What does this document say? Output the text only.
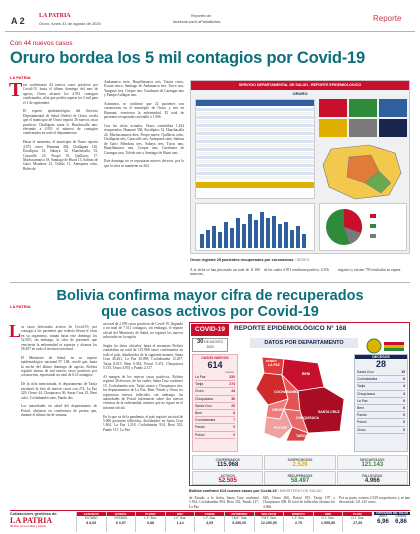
A 2 LA PATRIA
Oruro, lunes 31 de agosto de 2020
Reportes de:
facebook.com/LaPatriaBolivia	Reporte
Con 44 nuevos casos
Oruro bordea los 5 mil contagios por Covid-19
LA PATRIA
T ras confirmarse 44 nuevos casos positivos por Covid-19, hasta el último domingo del mes de agosto, Oruro alcanzó los 4.951 contagios confirmados, cifra que podría superar los 5 mil para el 1 de septiembre.

El reporte epidemiológico del Servicio Departamental de Salud (Sedes) de Oruro, revela que el municipio de Oruro reportó 36 nuevos casos positivos, Challapata suma 6, Huachacalla uno, elevando a 4.951 el número de contagios confirmados en todo el departamento.

Hasta el momento, el municipio de Oruro reportó 4.073 casos; Huanuni 494, Challapata 126, Eucaliptos 41, Sabaya 34, Huachacalla 33, Caracollo 25, Poopó 19, Quillacas 17, Machacamarca 18, Santiago de Huari 13, Salinas de Garci Mendoza 12, Toledo 11, Antequera ocho, Belén de
Andamarca siete, Huayllamarca seis, Totora cinco, Escara cinco, Santiago de Andamarca tres, Turco tres, Yunguyo tres, Corque tres, Curahuara de Carangas uno y Pampa Aullagas uno.

Asimismo, se confirmó que 22 pacientes con coronavirus en el municipio de Oruro y tres en Huanuni, vencieron la enfermedad. El total de pacientes recuperados ascendió a 1.906.

Con las cifras actuales, Oruro contabiliza 1.434 recuperados, Huanuni 356, Eucaliptos 32, Huachacalla 24, Machacamarca diez, Poopó nueve, Quillacas ocho, Challapata seis, Caracollo seis, Antequera siete, Salinas de Garci Mendoza tres, Sabaya tres, Turco uno, Huayllamarca uno, Corque uno, Curahuara de Carangas uno, Toledo uno y Santiago de Huari uno.

Este domingo no se reportaron nuevos decesos, por lo que la cifra se mantiene en 264.
SERVICIO DEPARTAMENTAL DE SALUD - REPORTE EPIDEMIOLOGICO
ORURO
Oruro registró 25 pacientes recuperados por coronavirus / SEDES
A la fecha se han procesado un total de 11.186 muestras,
de las cuales 4.951 resultaron positivo, 4.356	negativo y existen 759 resultados en espera.
Bolivia confirma mayor cifra de recuperados
que casos activos por Covid-19
LA PATRIA
L os casos detectados activos de Covid-19, por contagio a los pacientes que todavía llevan el virus en su organismo, suman hasta este domingo los 52.505; sin embargo, la cifra de pacientes que vencieron la enfermedad es superior y alcanza los 58.497 en todo el territorio nacional.

El Ministerio de Salud, en su reporte epidemiológico nacional N° 168, reveló que, hasta la noche del último domingo de agosto, Bolivia registró menos de mil nuevos casos positivos por coronavirus, reportando un total de 614 contagios.

De la cifra mencionada, el departamento de Tarija encabezó la lista de nuevos casos con 274, La Paz 220, Oruro 44, Chuquisaca 36, Santa Cruz 25, Beni ocho, Cochabamba siete, Pando dos.

Los autoridades en salud del departamento de Potosí, alertaron en conferencia de prensa que, durante el último fin de semana,
un total de 2.059 casos positivos de Covid-19, llegando a un total de 7.511 contagios, sin embargo, el reporte oficial del Ministerio de Salud, no registró los nuevos infectados en la región.

Según los datos oficiales, hasta el momento Bolivia contabiliza un total de 115.968 casos confirmados en todo el país, distribuidos de la siguiente manera, Santa Cruz 40.261, La Paz 30.098, Cochabamba 12.207, Tarija 8.015, Beni 6.362, Potosí 5.472, Chuquisaca 5.133, Oruro 4.951 y Pando 2.117.

Al margen de los nuevos casos positivos, Bolivia registró 28 decesos, de los cuales, Santa Cruz confirmó 15, Cochabamba seis, Tarija cuatro y Chuquisaca tres, los departamentos de La Paz, Beni, Pando y Oruro no registraron nuevos fallecidos, sin embargo, las autoridades de Potosí informaron sobre dos nuevas víctimas de la enfermedad, número que no figuró en el informe oficial.

En lo que va de la pandemia, el país registró un total de 5.006 pacientes fallecidos, distribuidos en Santa Cruz 1.604, La Paz 1.218, Cochabamba 934, Beni 352, Pando 147, La Paz
COVID-19	REPORTE EPIDEMIOLÓGICO N° 168
30 DE AGOSTO
2020
DATOS POR DEPARTAMENTO
CASOS NUEVOS
614
Casos
La Paz	220
Tarija	274
Oruro	44
Chuquisaca	36
Santa Cruz	25
Beni	8
Cochabamba	7
Pando	0
Potosí	0
LA PAZ
BENI
COCHABAMBA
SANTA CRUZ
ORURO
POTOSÍ
CHUQUISACA
TARIJA
PANDO
DECESOS
28
Santa Cruz	15
Cochabamba	6
Tarija	4
Chuquisaca	3
La Paz	0
Beni	0
Pando	0
Potosí	0
Oruro	0
CONFIRMADOS
115.968
SOSPECHOSOS
2.529
DESCARTADOS
121.143
ACTIVOS
52.505
RECUPERADOS
58.497
FALLECIDOS
4.966
Bolivia confirmó 614 nuevos casos por Covid-19 / MINISTERIO DE SALUD
de Estado, a la fecha, Santa Cruz confirmó 1.814, Cochabamba 904, Beni 352, Pando 147, La Paz
665, Oruro 266, Potosí 195, Tarija 197 y Chuquisaca 308. El total de fallecidos alcanza los 4.966.
Por su parte, existen 2.529 sospechosos y se han descartado 121.143 casos.
Cotizaciones gentileza de:
LA PATRIA
98 años por la verdad y justicia
GANANCIA
ESTAÑO
$ 8,08
QUINTAL
ESTAÑO
$ 0,57
PLOMO
L.F. Sus.
0,88
ZINC
L.F. Sus.
1,14
COBRE
L.F. Sus.
3,05
ANTIMONIO
T.M.F. Sus.
5.450,00
WOLFRAM
T.M.F. Sus.
12.290,50
BISMUTO
L.F. Sus.
2,75
ORO
O.T. Sus.
1.955,85
PLATA
O.T. Sus.
27,35
COTIZACIÓN DEL DÓLAR
VENTA
6,96
COMPRA
6,86
